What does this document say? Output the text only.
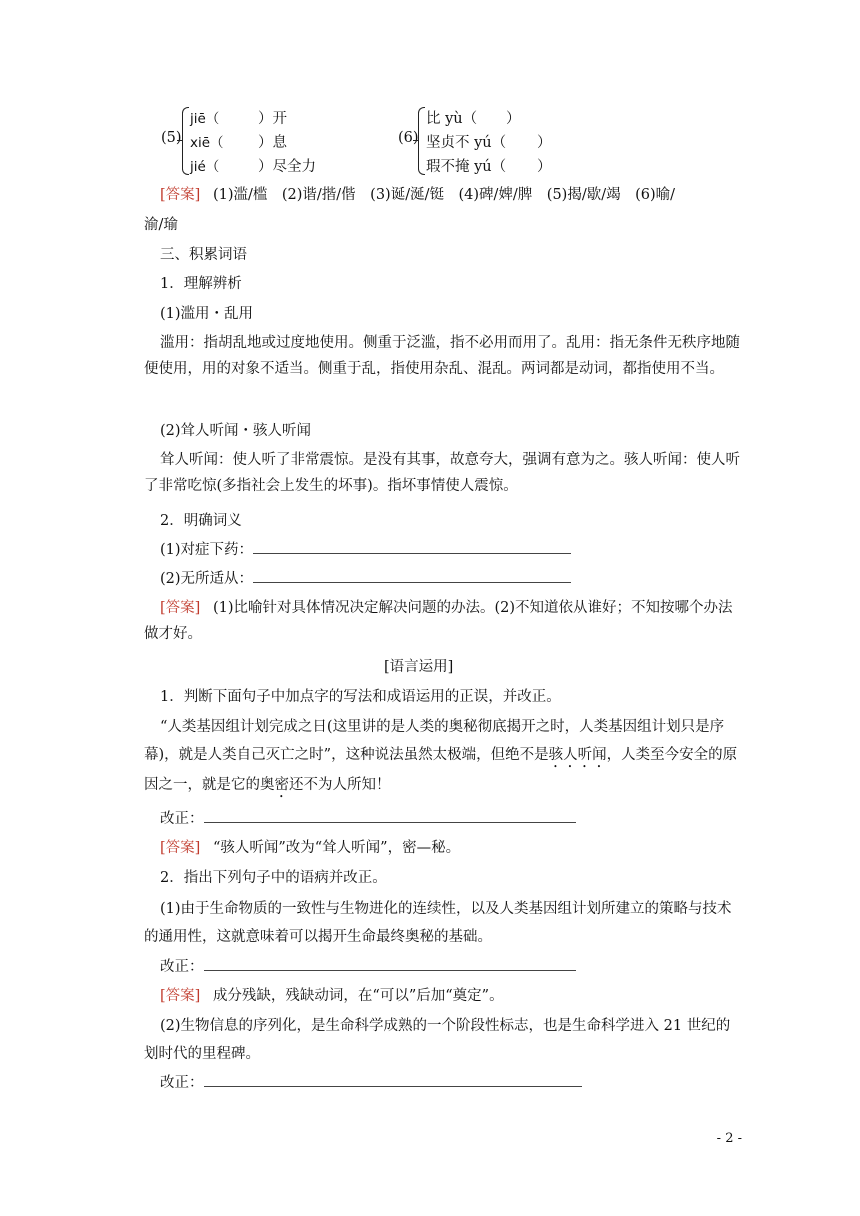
(5)
jiē（	）开
xiē（ ）息
jié（	）尽全力
(6)
比 yù（ ）
坚贞不 yú（ ）
瑕不掩 yú（ ）
[答案] (1)滥/槛　(2)谐/揩/偕　(3)诞/涎/铤　(4)碑/婢/脾　(5)揭/歇/竭　(6)喻/
渝/瑜
三、积累词语
1．理解辨析
(1)滥用・乱用
滥用：指胡乱地或过度地使用。侧重于泛滥，指不必用而用了。乱用：指无条件无秩序地随便使用，用的对象不适当。侧重于乱，指使用杂乱、混乱。两词都是动词，都指使用不当。
(2)耸人听闻・骇人听闻
耸人听闻：使人听了非常震惊。是没有其事，故意夸大，强调有意为之。骇人听闻：使人听了非常吃惊(多指社会上发生的坏事)。指坏事情使人震惊。
2．明确词义
(1)对症下药：
(2)无所适从：
[答案] (1)比喻针对具体情况决定解决问题的办法。(2)不知道依从谁好；不知按哪个办法做才好。
[语言运用]
1．判断下面句子中加点字的写法和成语运用的正误，并改正。
“人类基因组计划完成之日(这里讲的是人类的奥秘彻底揭开之时，人类基因组计划只是序幕)，就是人类自己灭亡之时”，这种说法虽然太极端，但绝不是骇人听闻，人类至今安全的原因之一，就是它的奥密还不为人所知！
改正：
[答案] “骇人听闻”改为“耸人听闻”，密—秘。
2．指出下列句子中的语病并改正。
(1)由于生命物质的一致性与生物进化的连续性，以及人类基因组计划所建立的策略与技术的通用性，这就意味着可以揭开生命最终奥秘的基础。
改正：
[答案] 成分残缺，残缺动词，在“可以”后加“奠定”。
(2)生物信息的序列化，是生命科学成熟的一个阶段性标志，也是生命科学进入 21 世纪的划时代的里程碑。
改正：
- 2 -
